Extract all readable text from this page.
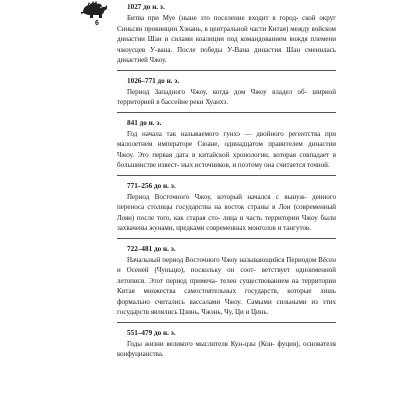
6
1027 до н. э.

Битва при Муе (ныне это поселение входит в город- ской округ Синьсян провинции Хэнань, в центральной части Китая) между войском династии Шан и силами коалиции под командованием вождя племени чжоусцев У-вана. После победы У-Вана династия Шан сменилась династией Чжоу.

1026–771 до н. э.

Период Западного Чжоу, когда дом Чжоу владел об- ширной территорией в бассейне реки Хуанхэ.

841 до н. э.

Год начала так называемого гунхэ — двойного регентства при малолетнем императоре Сюане, одинадцатом правителем династии Чжоу. Это первая дата в китайской хронологии, которая совпадает в большинстве извест- ных источников, и поэтому она считается точной.

771–256 до н. э.

Период Восточного Чжоу, который начался с вынуж- денного переноса столицы государства на восток страны в Лои (современный Лоян) после того, как старая сто- лица и часть территории Чжоу были захвачены жунами, предками современных монголов и тангутов.

722–481 до н. э.

Начальный период Восточного Чжоу называющийся Периодом Вёсен и Осеней (Чуньцю), поскольку он соот- ветствует одноименной летописи. Этот период примеча- телен существованием на территории Китая множества самостоятельных государств, которые лишь формально считались вассалами Чжоу. Самыми сильными из этих государств являлись Цзинь, Чжэнь, Чу, Ци и Цинь.

551–479 до н. э.

Годы жизни великого мыслителя Кун-цзы (Кон- фуция), основателя конфуцианства.
